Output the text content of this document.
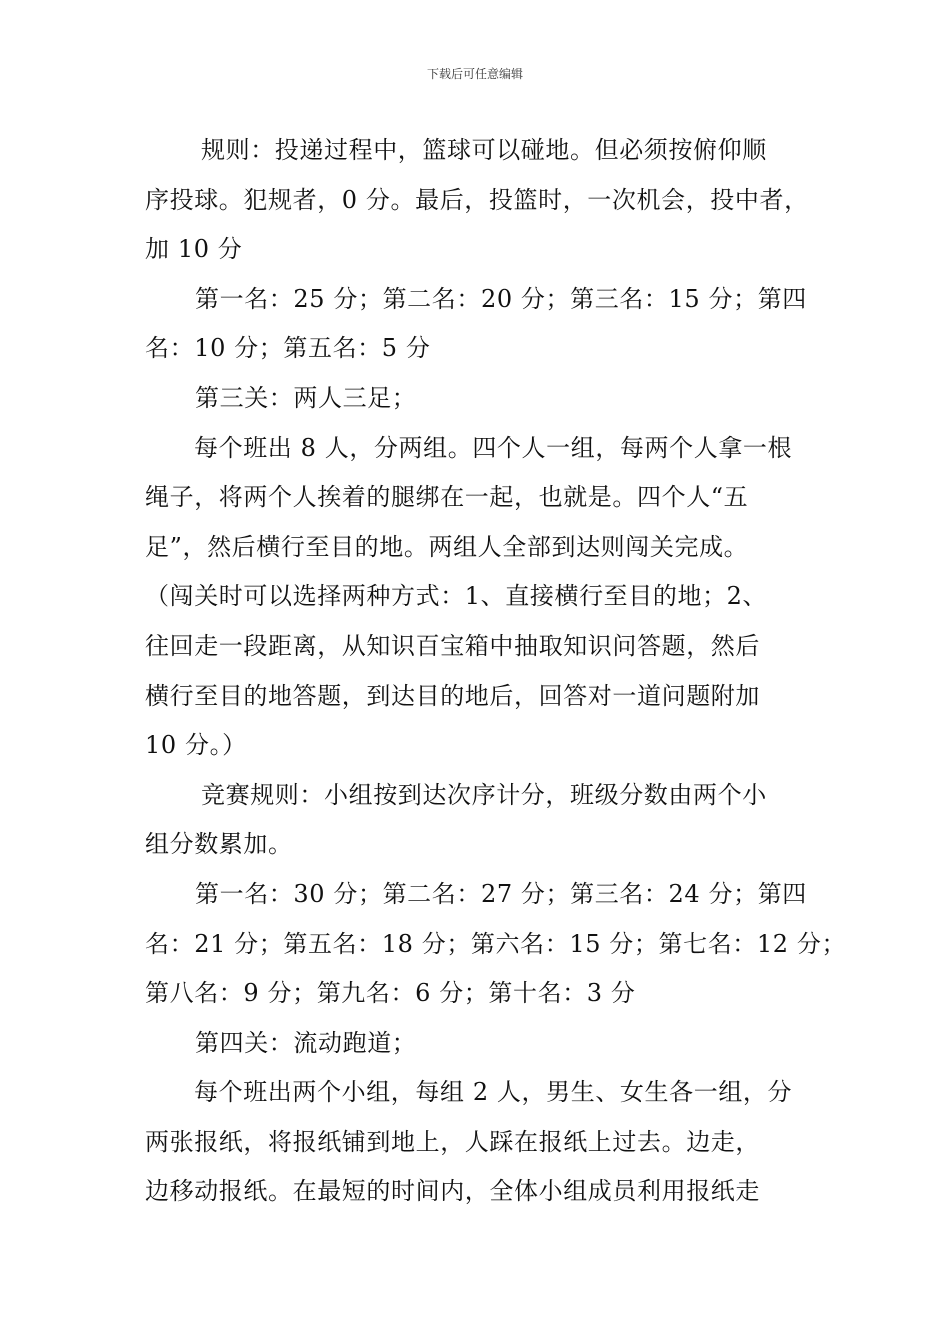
下载后可任意编辑
规则：投递过程中，篮球可以碰地。但必须按俯仰顺
序投球。犯规者，0 分。最后，投篮时，一次机会，投中者，
加 10 分
第一名：25 分；第二名：20 分；第三名：15 分；第四
名：10 分；第五名：5 分
第三关：两人三足；
每个班出 8 人，分两组。四个人一组，每两个人拿一根
绳子，将两个人挨着的腿绑在一起，也就是。四个人“五
足”，然后横行至目的地。两组人全部到达则闯关完成。
（闯关时可以选择两种方式：1、直接横行至目的地；2、
往回走一段距离，从知识百宝箱中抽取知识问答题，然后
横行至目的地答题，到达目的地后，回答对一道问题附加
10 分。）
竞赛规则：小组按到达次序计分，班级分数由两个小
组分数累加。
第一名：30 分；第二名：27 分；第三名：24 分；第四
名：21 分；第五名：18 分；第六名：15 分；第七名：12 分；
第八名：9 分；第九名：6 分；第十名：3 分
第四关：流动跑道；
每个班出两个小组，每组 2 人，男生、女生各一组，分
两张报纸，将报纸铺到地上，人踩在报纸上过去。边走，
边移动报纸。在最短的时间内，全体小组成员利用报纸走
